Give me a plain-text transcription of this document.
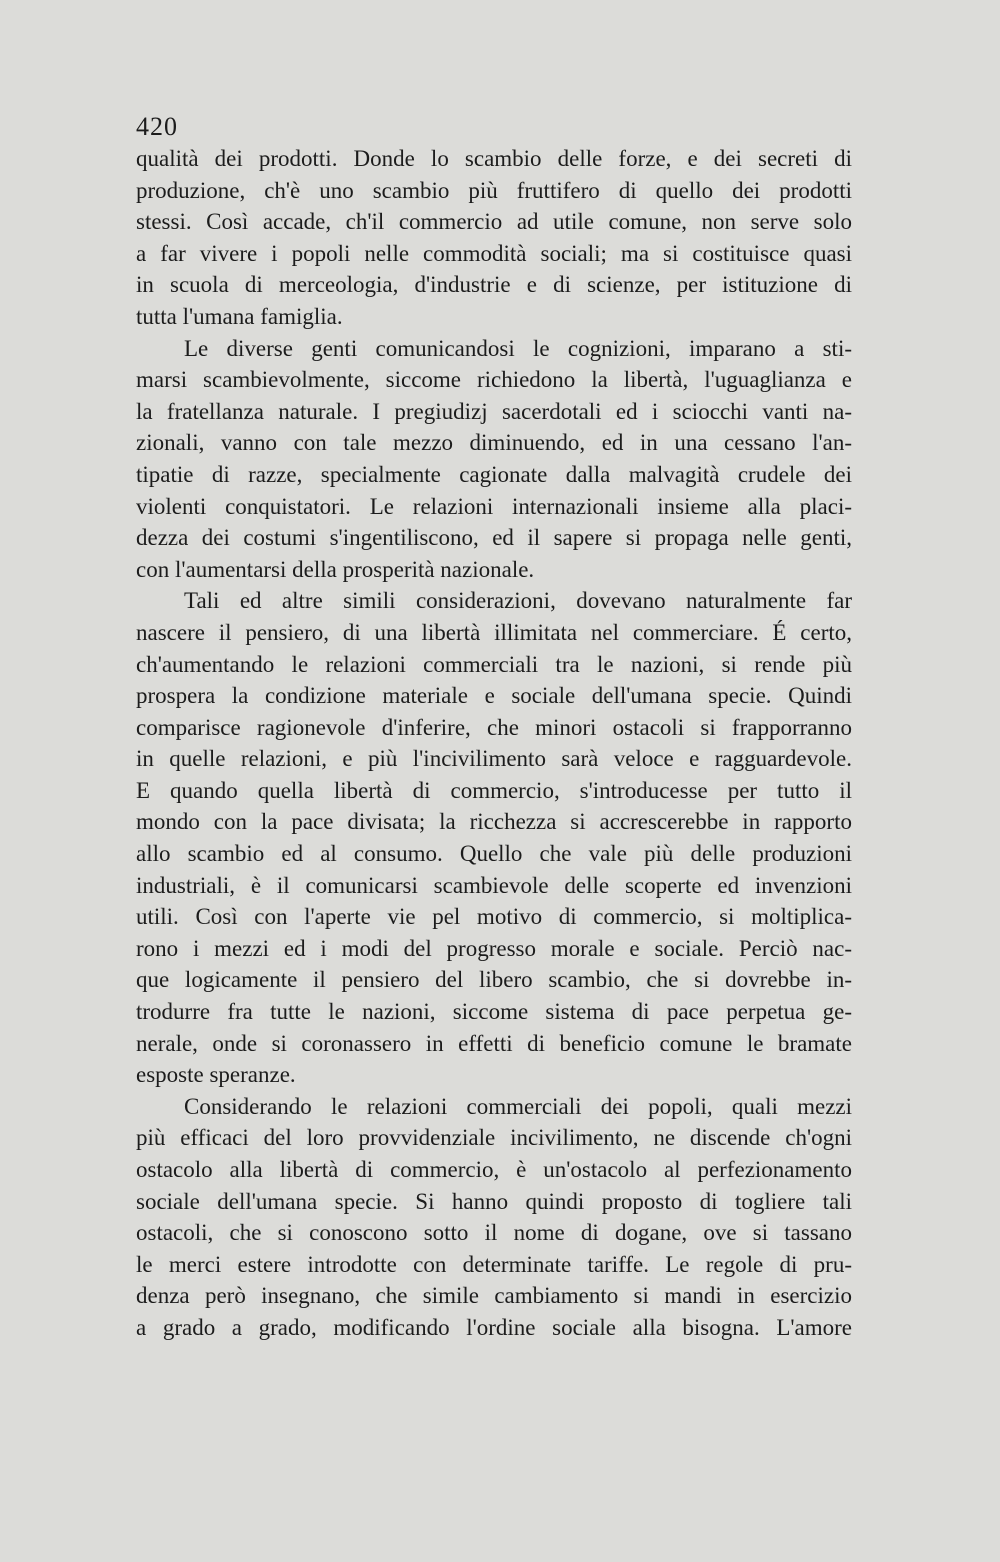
420
qualità dei prodotti. Donde lo scambio delle forze, e dei secreti di
produzione, ch'è uno scambio più fruttifero di quello dei prodotti
stessi. Così accade, ch'il commercio ad utile comune, non serve solo
a far vivere i popoli nelle commodità sociali; ma si costituisce quasi
in scuola di merceologia, d'industrie e di scienze, per istituzione di
tutta l'umana famiglia.
Le diverse genti comunicandosi le cognizioni, imparano a sti-
marsi scambievolmente, siccome richiedono la libertà, l'uguaglianza e
la fratellanza naturale. I pregiudizj sacerdotali ed i sciocchi vanti na-
zionali, vanno con tale mezzo diminuendo, ed in una cessano l'an-
tipatie di razze, specialmente cagionate dalla malvagità crudele dei
violenti conquistatori. Le relazioni internazionali insieme alla placi-
dezza dei costumi s'ingentiliscono, ed il sapere si propaga nelle genti,
con l'aumentarsi della prosperità nazionale.
Tali ed altre simili considerazioni, dovevano naturalmente far
nascere il pensiero, di una libertà illimitata nel commerciare. É certo,
ch'aumentando le relazioni commerciali tra le nazioni, si rende più
prospera la condizione materiale e sociale dell'umana specie. Quindi
comparisce ragionevole d'inferire, che minori ostacoli si frapporranno
in quelle relazioni, e più l'incivilimento sarà veloce e ragguardevole.
E quando quella libertà di commercio, s'introducesse per tutto il
mondo con la pace divisata; la ricchezza si accrescerebbe in rapporto
allo scambio ed al consumo. Quello che vale più delle produzioni
industriali, è il comunicarsi scambievole delle scoperte ed invenzioni
utili. Così con l'aperte vie pel motivo di commercio, si moltiplica-
rono i mezzi ed i modi del progresso morale e sociale. Perciò nac-
que logicamente il pensiero del libero scambio, che si dovrebbe in-
trodurre fra tutte le nazioni, siccome sistema di pace perpetua ge-
nerale, onde si coronassero in effetti di beneficio comune le bramate
esposte speranze.
Considerando le relazioni commerciali dei popoli, quali mezzi
più efficaci del loro provvidenziale incivilimento, ne discende ch'ogni
ostacolo alla libertà di commercio, è un'ostacolo al perfezionamento
sociale dell'umana specie. Si hanno quindi proposto di togliere tali
ostacoli, che si conoscono sotto il nome di dogane, ove si tassano
le merci estere introdotte con determinate tariffe. Le regole di pru-
denza però insegnano, che simile cambiamento si mandi in esercizio
a grado a grado, modificando l'ordine sociale alla bisogna. L'amore
